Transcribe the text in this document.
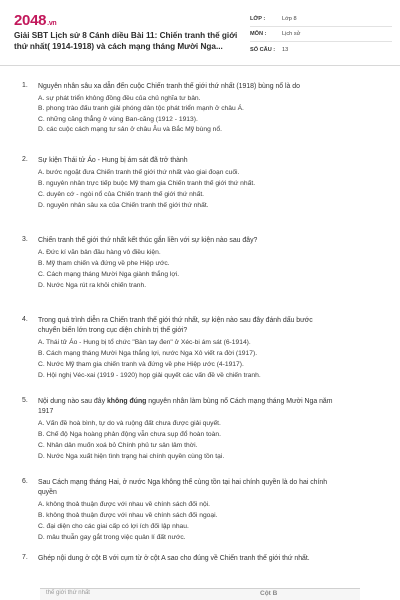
2048.vn
Giải SBT Lịch sử 8 Cánh diều Bài 11: Chiến tranh thế giới
thứ nhất( 1914-1918) và cách mạng tháng Mười Nga...
LỚP :	Lớp 8
MÔN :	Lịch sử
SỐ CÂU :	13
1. Nguyên nhân sâu xa dẫn đến cuộc Chiến tranh thế giới thứ nhất (1918) bùng nổ là do
A. sự phát triển không đồng đều của chủ nghĩa tư bản.
B. phong trào đấu tranh giải phóng dân tộc phát triển mạnh ở châu Á.
C. những căng thẳng ở vùng Ban-căng (1912 - 1913).
D. các cuộc cách mạng tư sản ở châu Âu và Bắc Mỹ bùng nổ.
2. Sự kiện Thái tử Áo - Hung bị ám sát đã trở thành
A. bước ngoặt đưa Chiến tranh thế giới thứ nhất vào giai đoạn cuối.
B. nguyên nhân trực tiếp buộc Mỹ tham gia Chiến tranh thế giới thứ nhất.
C. duyên cớ - ngòi nổ của Chiến tranh thế giới thứ nhất.
D. nguyên nhân sâu xa của Chiến tranh thế giới thứ nhất.
3. Chiến tranh thế giới thứ nhất kết thúc gắn liền với sự kiện nào sau đây?
A. Đức kí văn bản đầu hàng vô điều kiện.
B. Mỹ tham chiến và đứng về phe Hiệp ước.
C. Cách mạng tháng Mười Nga giành thắng lợi.
D. Nước Nga rút ra khỏi chiến tranh.
4. Trong quá trình diễn ra Chiến tranh thế giới thứ nhất, sự kiện nào sau đây đánh dấu bước
chuyển biến lớn trong cục diện chính trị thế giới?
A. Thái tử Áo - Hung bị tổ chức "Bàn tay đen" ở Xéc-bi ám sát (6-1914).
B. Cách mạng tháng Mười Nga thắng lợi, nước Nga Xô viết ra đời (1917).
C. Nước Mỹ tham gia chiến tranh và đứng về phe Hiệp ước (4-1917).
D. Hội nghị Véc-xai (1919 - 1920) họp giải quyết các vấn đề về chiến tranh.
5. Nội dung nào sau đây không đúng nguyên nhân làm bùng nổ Cách mạng tháng Mười Nga năm
1917
A. Vấn đề hoà bình, tự do và ruộng đất chưa được giải quyết.
B. Chế độ Nga hoàng phản động vẫn chưa sụp đổ hoàn toàn.
C. Nhân dân muốn xoá bỏ Chính phủ tư sản lâm thời.
D. Nước Nga xuất hiện tình trạng hai chính quyền cùng tồn tại.
6. Sau Cách mạng tháng Hai, ở nước Nga không thể cùng tồn tại hai chính quyền là do hai chính
quyền
A. không thoả thuận được với nhau về chính sách đối nội.
B. không thoả thuận được với nhau về chính sách đối ngoại.
C. đại diện cho các giai cấp có lợi ích đối lập nhau.
D. mâu thuẫn gay gắt trong việc quản lí đất nước.
7. Ghép nội dung ở cột B với cụm từ ở cột A sao cho đúng về Chiến tranh thế giới thứ nhất.
thế giới thứ nhất	Cột B
